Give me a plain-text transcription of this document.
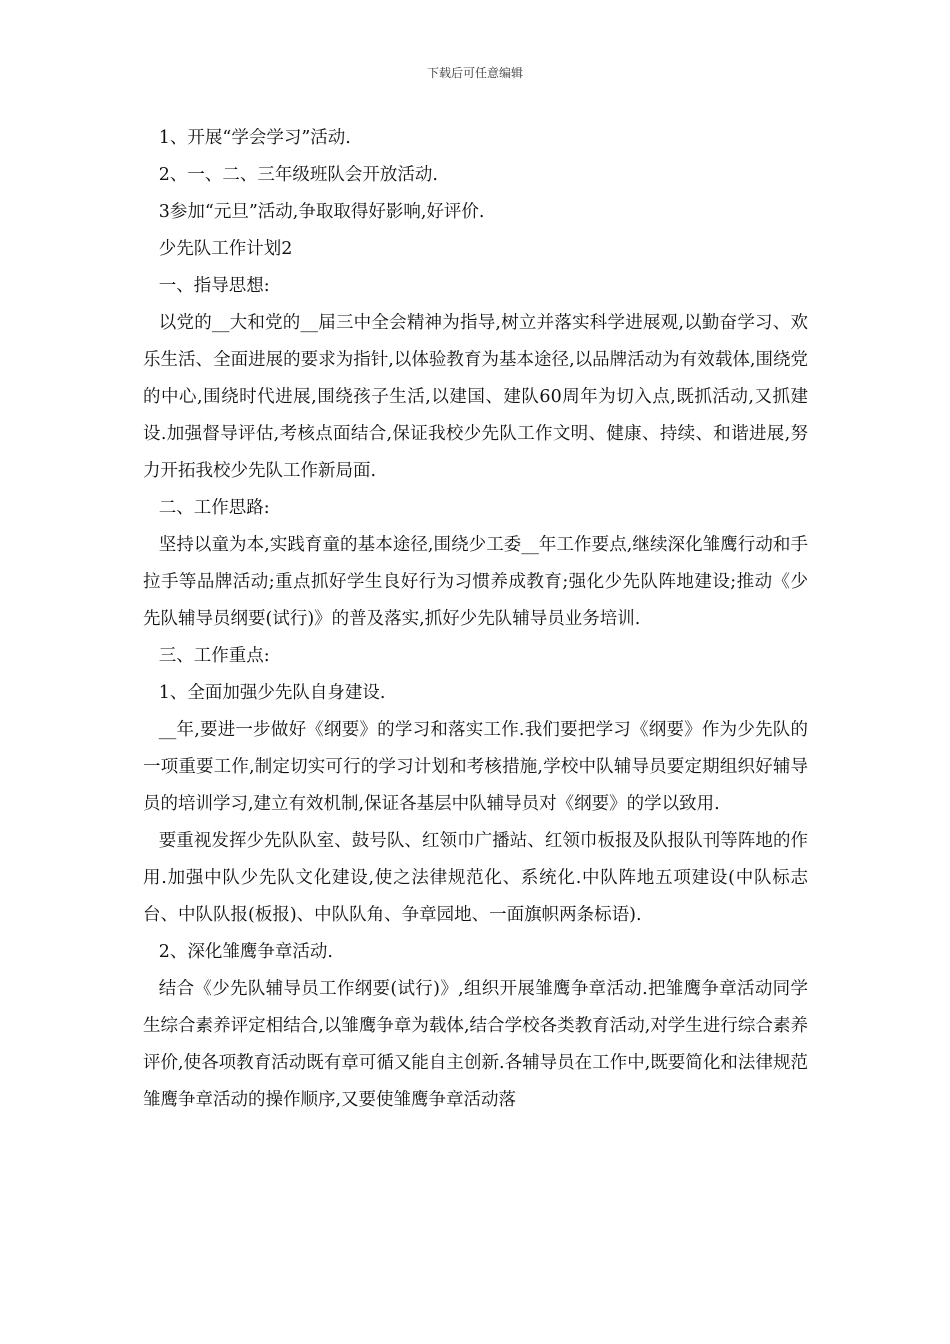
下载后可任意编辑

1、开展“学会学习”活动.

2、一、二、三年级班队会开放活动.

3参加“元旦”活动,争取取得好影响,好评价.

少先队工作计划2

一、指导思想:

以党的__大和党的__届三中全会精神为指导,树立并落实科学进展观,以勤奋学习、欢乐生活、全面进展的要求为指针,以体验教育为基本途径,以品牌活动为有效载体,围绕党的中心,围绕时代进展,围绕孩子生活,以建国、建队60周年为切入点,既抓活动,又抓建设.加强督导评估,考核点面结合,保证我校少先队工作文明、健康、持续、和谐进展,努力开拓我校少先队工作新局面.

二、工作思路:

坚持以童为本,实践育童的基本途径,围绕少工委__年工作要点,继续深化雏鹰行动和手拉手等品牌活动;重点抓好学生良好行为习惯养成教育;强化少先队阵地建设;推动《少先队辅导员纲要(试行)》的普及落实,抓好少先队辅导员业务培训.

三、工作重点:

1、全面加强少先队自身建设.

__年,要进一步做好《纲要》的学习和落实工作.我们要把学习《纲要》作为少先队的一项重要工作,制定切实可行的学习计划和考核措施,学校中队辅导员要定期组织好辅导员的培训学习,建立有效机制,保证各基层中队辅导员对《纲要》的学以致用.

要重视发挥少先队队室、鼓号队、红领巾广播站、红领巾板报及队报队刊等阵地的作用.加强中队少先队文化建设,使之法律规范化、系统化.中队阵地五项建设(中队标志台、中队队报(板报)、中队队角、争章园地、一面旗帜两条标语).

2、深化雏鹰争章活动.

结合《少先队辅导员工作纲要(试行)》,组织开展雏鹰争章活动.把雏鹰争章活动同学生综合素养评定相结合,以雏鹰争章为载体,结合学校各类教育活动,对学生进行综合素养评价,使各项教育活动既有章可循又能自主创新.各辅导员在工作中,既要简化和法律规范雏鹰争章活动的操作顺序,又要使雏鹰争章活动落
